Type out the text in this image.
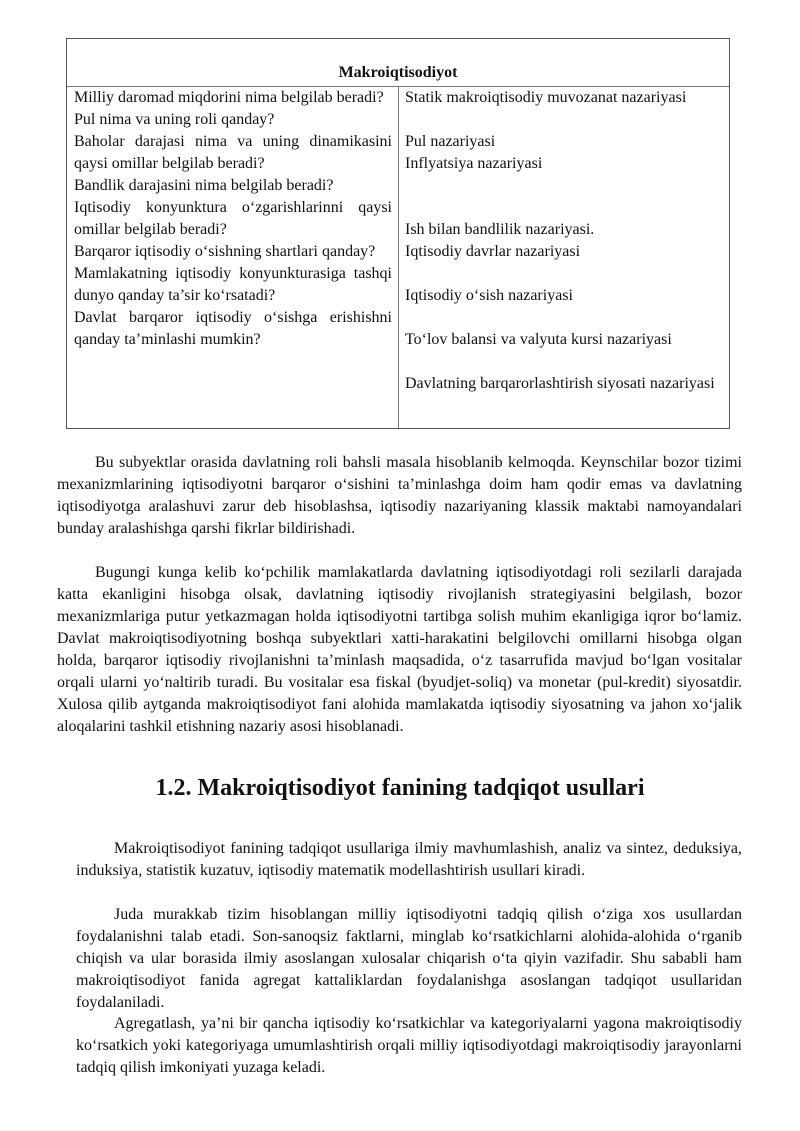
Makroiqtisodiyot
Milliy daromad miqdorini nima belgilab beradi?
Pul nima va uning roli qanday?
Baholar darajasi nima va uning dinamikasini qaysi omillar belgilab beradi?
Bandlik darajasini nima belgilab beradi?
Iqtisodiy konyunktura o‘zgarishlarinni qaysi omillar belgilab beradi?
Barqaror iqtisodiy o‘sishning shartlari qanday?
Mamlakatning iqtisodiy konyunkturasiga tashqi dunyo qanday ta’sir ko‘rsatadi?
Davlat barqaror iqtisodiy o‘sishga erishishni qanday ta’minlashi mumkin?
Statik makroiqtisodiy muvozanat nazariyasi
Pul nazariyasi
Inflyatsiya nazariyasi
Ish bilan bandlilik nazariyasi.
Iqtisodiy davrlar nazariyasi
Iqtisodiy o‘sish nazariyasi
To‘lov balansi va valyuta kursi nazariyasi
Davlatning barqarorlashtirish siyosati nazariyasi

Bu subyektlar orasida davlatning roli bahsli masala hisoblanib kelmoqda. Keynschilar bozor tizimi mexanizmlarining iqtisodiyotni barqaror o‘sishini ta’minlashga doim ham qodir emas va davlatning iqtisodiyotga aralashuvi zarur deb hisoblashsa, iqtisodiy nazariyaning klassik maktabi namoyandalari bunday aralashishga qarshi fikrlar bildirishadi.

Bugungi kunga kelib ko‘pchilik mamlakatlarda davlatning iqtisodiyotdagi roli sezilarli darajada katta ekanligini hisobga olsak, davlatning iqtisodiy rivojlanish strategiyasini belgilash, bozor mexanizmlariga putur yetkazmagan holda iqtisodiyotni tartibga solish muhim ekanligiga iqror bo‘lamiz. Davlat makroiqtisodiyotning boshqa subyektlari xatti-harakatini belgilovchi omillarni hisobga olgan holda, barqaror iqtisodiy rivojlanishni ta’minlash maqsadida, o‘z tasarrufida mavjud bo‘lgan vositalar orqali ularni yo‘naltirib turadi. Bu vositalar esa fiskal (byudjet-soliq) va monetar (pul-kredit) siyosatdir. Xulosa qilib aytganda makroiqtisodiyot fani alohida mamlakatda iqtisodiy siyosatning va jahon xo‘jalik aloqalarini tashkil etishning nazariy asosi hisoblanadi.

1.2. Makroiqtisodiyot fanining tadqiqot usullari

Makroiqtisodiyot fanining tadqiqot usullariga ilmiy mavhumlashish, analiz va sintez, deduksiya, induksiya, statistik kuzatuv, iqtisodiy matematik modellashtirish usullari kiradi.

Juda murakkab tizim hisoblangan milliy iqtisodiyotni tadqiq qilish o‘ziga xos usullardan foydalanishni talab etadi. Son-sanoqsiz faktlarni, minglab ko‘rsatkichlarni alohida-alohida o‘rganib chiqish va ular borasida ilmiy asoslangan xulosalar chiqarish o‘ta qiyin vazifadir. Shu sababli ham makroiqtisodiyot fanida agregat kattaliklardan foydalanishga asoslangan tadqiqot usullaridan foydalaniladi.

Agregatlash, ya’ni bir qancha iqtisodiy ko‘rsatkichlar va kategoriyalarni yagona makroiqtisodiy ko‘rsatkich yoki kategoriyaga umumlashtirish orqali milliy iqtisodiyotdagi makroiqtisodiy jarayonlarni tadqiq qilish imkoniyati yuzaga keladi.
